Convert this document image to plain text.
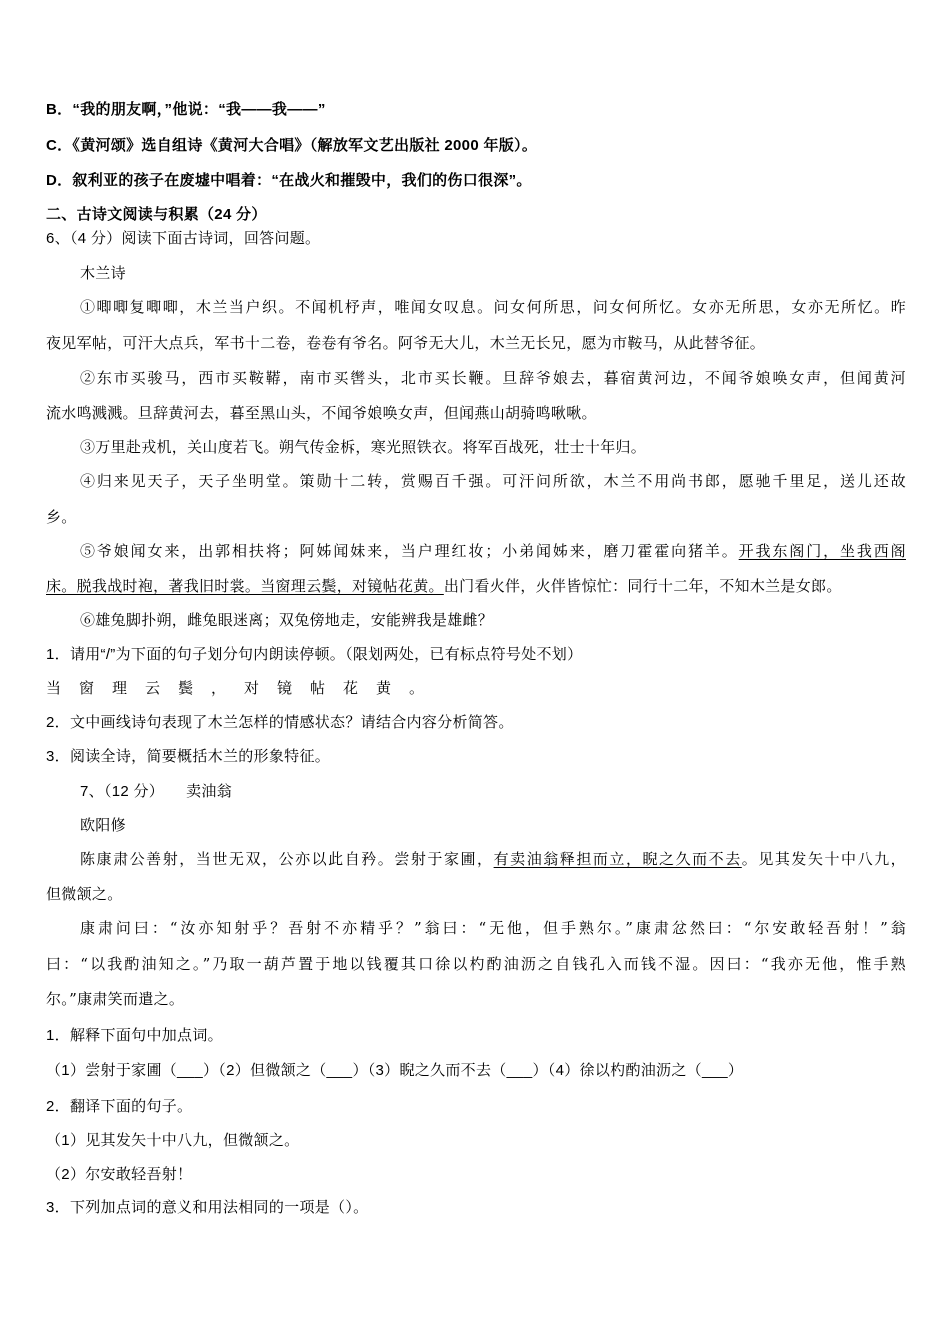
B．“我的朋友啊，”他说：“我——我——”
C．《黄河颂》选自组诗《黄河大合唱》（解放军文艺出版社 2000 年版）。
D．叙利亚的孩子在废墟中唱着：“在战火和摧毁中，我们的伤口很深”。
二、古诗文阅读与积累（24 分）
6、（4 分）阅读下面古诗词，回答问题。
木兰诗
①唧唧复唧唧，木兰当户织。不闻机杼声，唯闻女叹息。问女何所思，问女何所忆。女亦无所思，女亦无所忆。昨
夜见军帖，可汗大点兵，军书十二卷，卷卷有爷名。阿爷无大儿，木兰无长兄，愿为市鞍马，从此替爷征。
②东市买骏马，西市买鞍鞯，南市买辔头，北市买长鞭。旦辞爷娘去，暮宿黄河边，不闻爷娘唤女声，但闻黄河
流水鸣溅溅。旦辞黄河去，暮至黑山头，不闻爷娘唤女声，但闻燕山胡骑鸣啾啾。
③万里赴戎机，关山度若飞。朔气传金柝，寒光照铁衣。将军百战死，壮士十年归。
④归来见天子，天子坐明堂。策勋十二转，赏赐百千强。可汗问所欲，木兰不用尚书郎，愿驰千里足，送儿还故
乡。
⑤爷娘闻女来，出郭相扶将；阿姊闻妹来，当户理红妆；小弟闻姊来，磨刀霍霍向猪羊。开我东阁门，坐我西阁
床。脱我战时袍，著我旧时裳。当窗理云鬓，对镜帖花黄。出门看火伴，火伴皆惊忙：同行十二年，不知木兰是女郎。
⑥雄兔脚扑朔，雌兔眼迷离；双兔傍地走，安能辨我是雄雌？
1．请用“/”为下面的句子划分句内朗读停顿。（限划两处，已有标点符号处不划）
当窗理云鬓，对镜帖花黄。
2．文中画线诗句表现了木兰怎样的情感状态？请结合内容分析简答。
3．阅读全诗，简要概括木兰的形象特征。
7、（12 分） 卖油翁
欧阳修
陈康肃公善射，当世无双，公亦以此自矜。尝射于家圃，有卖油翁释担而立，睨之久而不去。见其发矢十中八九，
但微颔之。
康肃问曰：“汝亦知射乎？吾射不亦精乎？”翁曰：“无他，但手熟尔。”康肃忿然曰：“尔安敢轻吾射！”翁
曰：“以我酌油知之。”乃取一葫芦置于地以钱覆其口徐以杓酌油沥之自钱孔入而钱不湿。因曰：“我亦无他，惟手熟
尔。”康肃笑而遣之。
1．解释下面句中加点词。
（1）尝射于家圃（___）（2）但微颔之（___）（3）睨之久而不去（___）（4）徐以杓酌油沥之（___）
2．翻译下面的句子。
（1）见其发矢十中八九，但微颔之。
（2）尔安敢轻吾射！
3．下列加点词的意义和用法相同的一项是（）。
